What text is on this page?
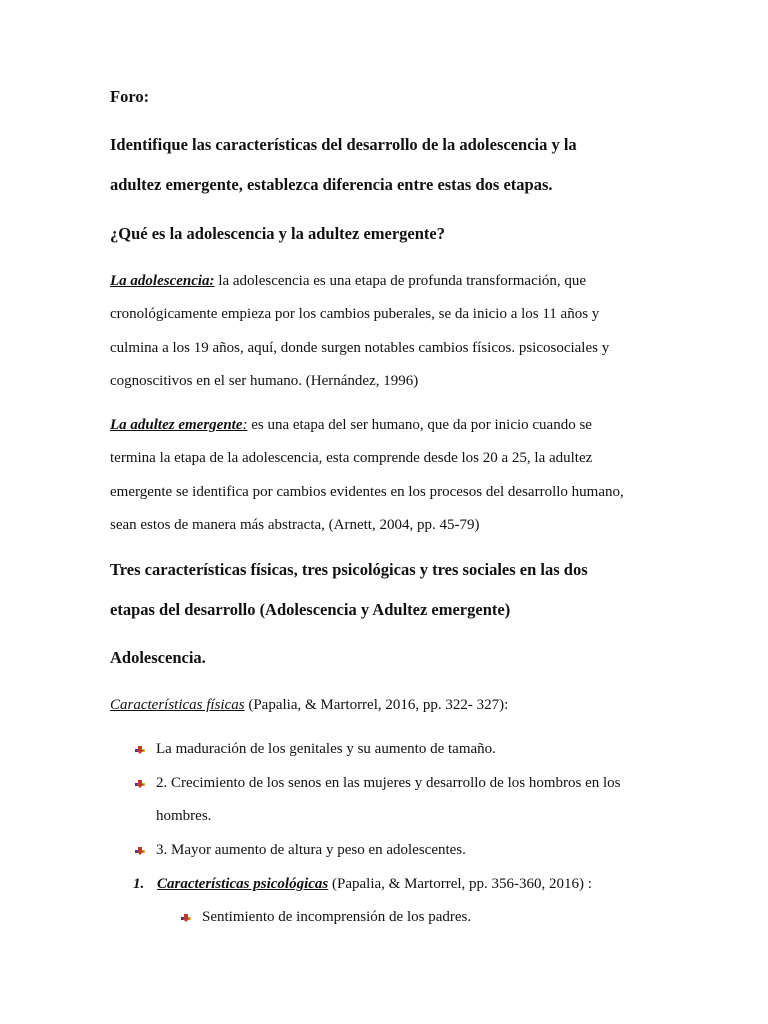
Foro:
Identifique las características del desarrollo de la adolescencia y la
adultez emergente, establezca diferencia entre estas dos etapas.
¿Qué es la adolescencia y la adultez emergente?
La adolescencia: la adolescencia es una etapa de profunda transformación, que
cronológicamente empieza por los cambios puberales, se da inicio a los 11 años y
culmina a los 19 años, aquí, donde surgen notables cambios físicos. psicosociales y
cognoscitivos en el ser humano. (Hernández, 1996)
La adultez emergente: es una etapa del ser humano, que da por inicio cuando se
termina la etapa de la adolescencia, esta comprende desde los 20 a 25, la adultez
emergente se identifica por cambios evidentes en los procesos del desarrollo humano,
sean estos de manera más abstracta, (Arnett, 2004, pp. 45-79)
Tres características físicas, tres psicológicas y tres sociales en las dos
etapas del desarrollo (Adolescencia y Adultez emergente)
Adolescencia.
Características físicas (Papalia, & Martorrel, 2016, pp. 322- 327):
La maduración de los genitales y su aumento de tamaño.
2. Crecimiento de los senos en las mujeres y desarrollo de los hombros en los
hombres.
3. Mayor aumento de altura y peso en adolescentes.
1. Características psicológicas (Papalia, & Martorrel, pp. 356-360, 2016) :
Sentimiento de incomprensión de los padres.
